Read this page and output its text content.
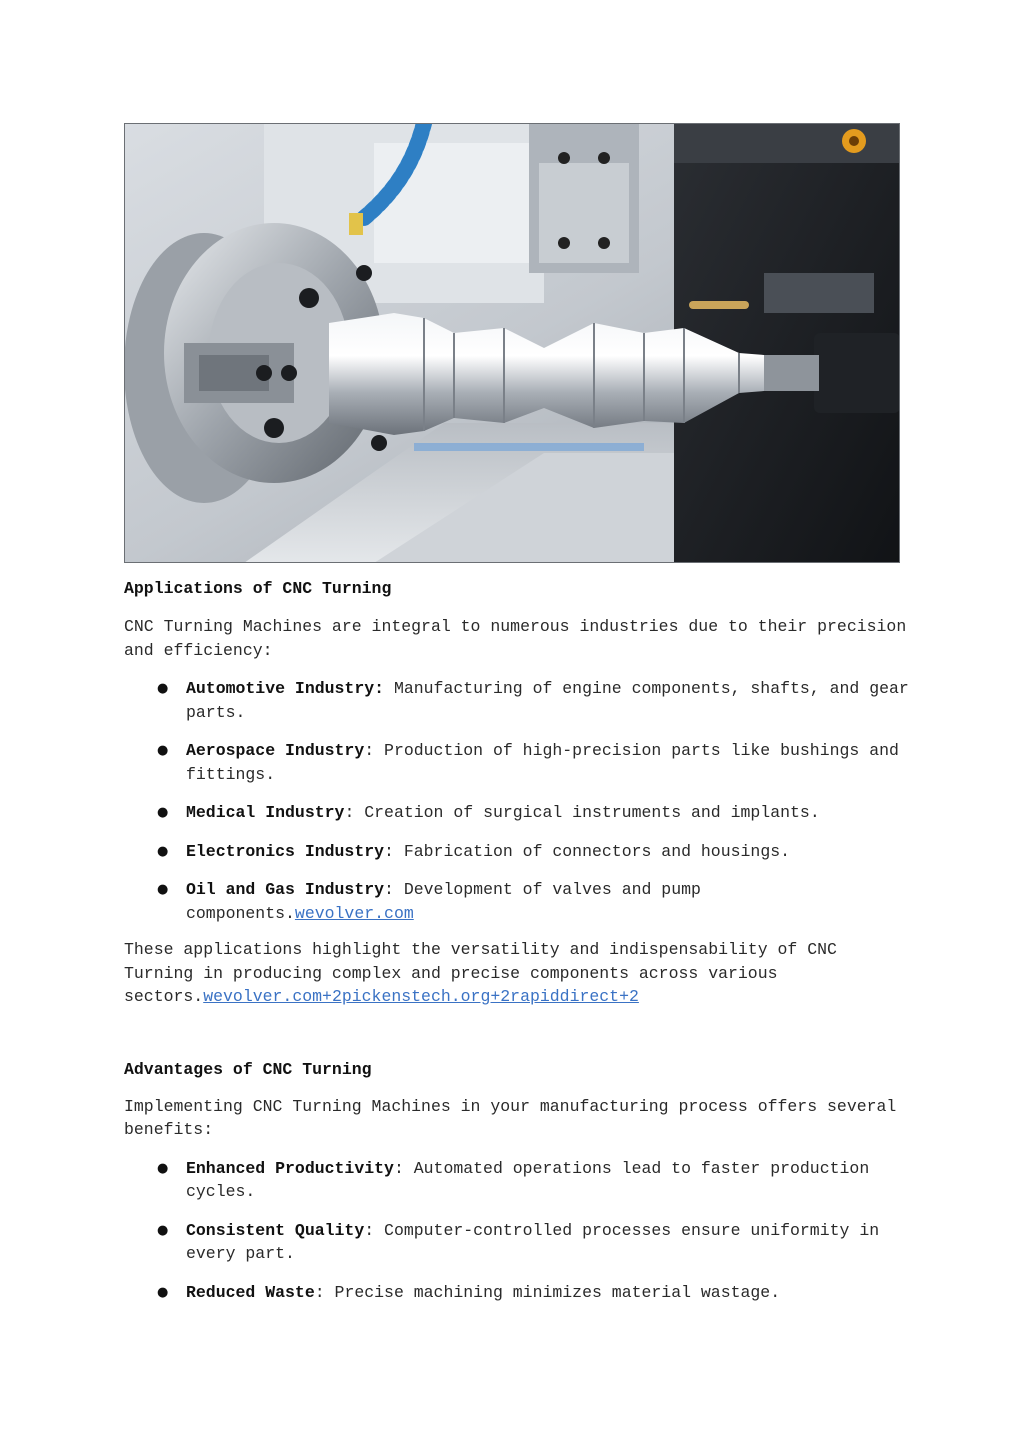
Applications of CNC Turning

CNC Turning Machines are integral to numerous industries due to their precision and efficiency:

● Automotive Industry: Manufacturing of engine components, shafts, and gear parts.
● Aerospace Industry: Production of high-precision parts like bushings and fittings.
● Medical Industry: Creation of surgical instruments and implants.
● Electronics Industry: Fabrication of connectors and housings.
● Oil and Gas Industry: Development of valves and pump components.wevolver.com

These applications highlight the versatility and indispensability of CNC Turning in producing complex and precise components across various sectors.wevolver.com+2pickenstech.org+2rapiddirect+2

Advantages of CNC Turning

Implementing CNC Turning Machines in your manufacturing process offers several benefits:

● Enhanced Productivity: Automated operations lead to faster production cycles.
● Consistent Quality: Computer-controlled processes ensure uniformity in every part.
● Reduced Waste: Precise machining minimizes material wastage.
